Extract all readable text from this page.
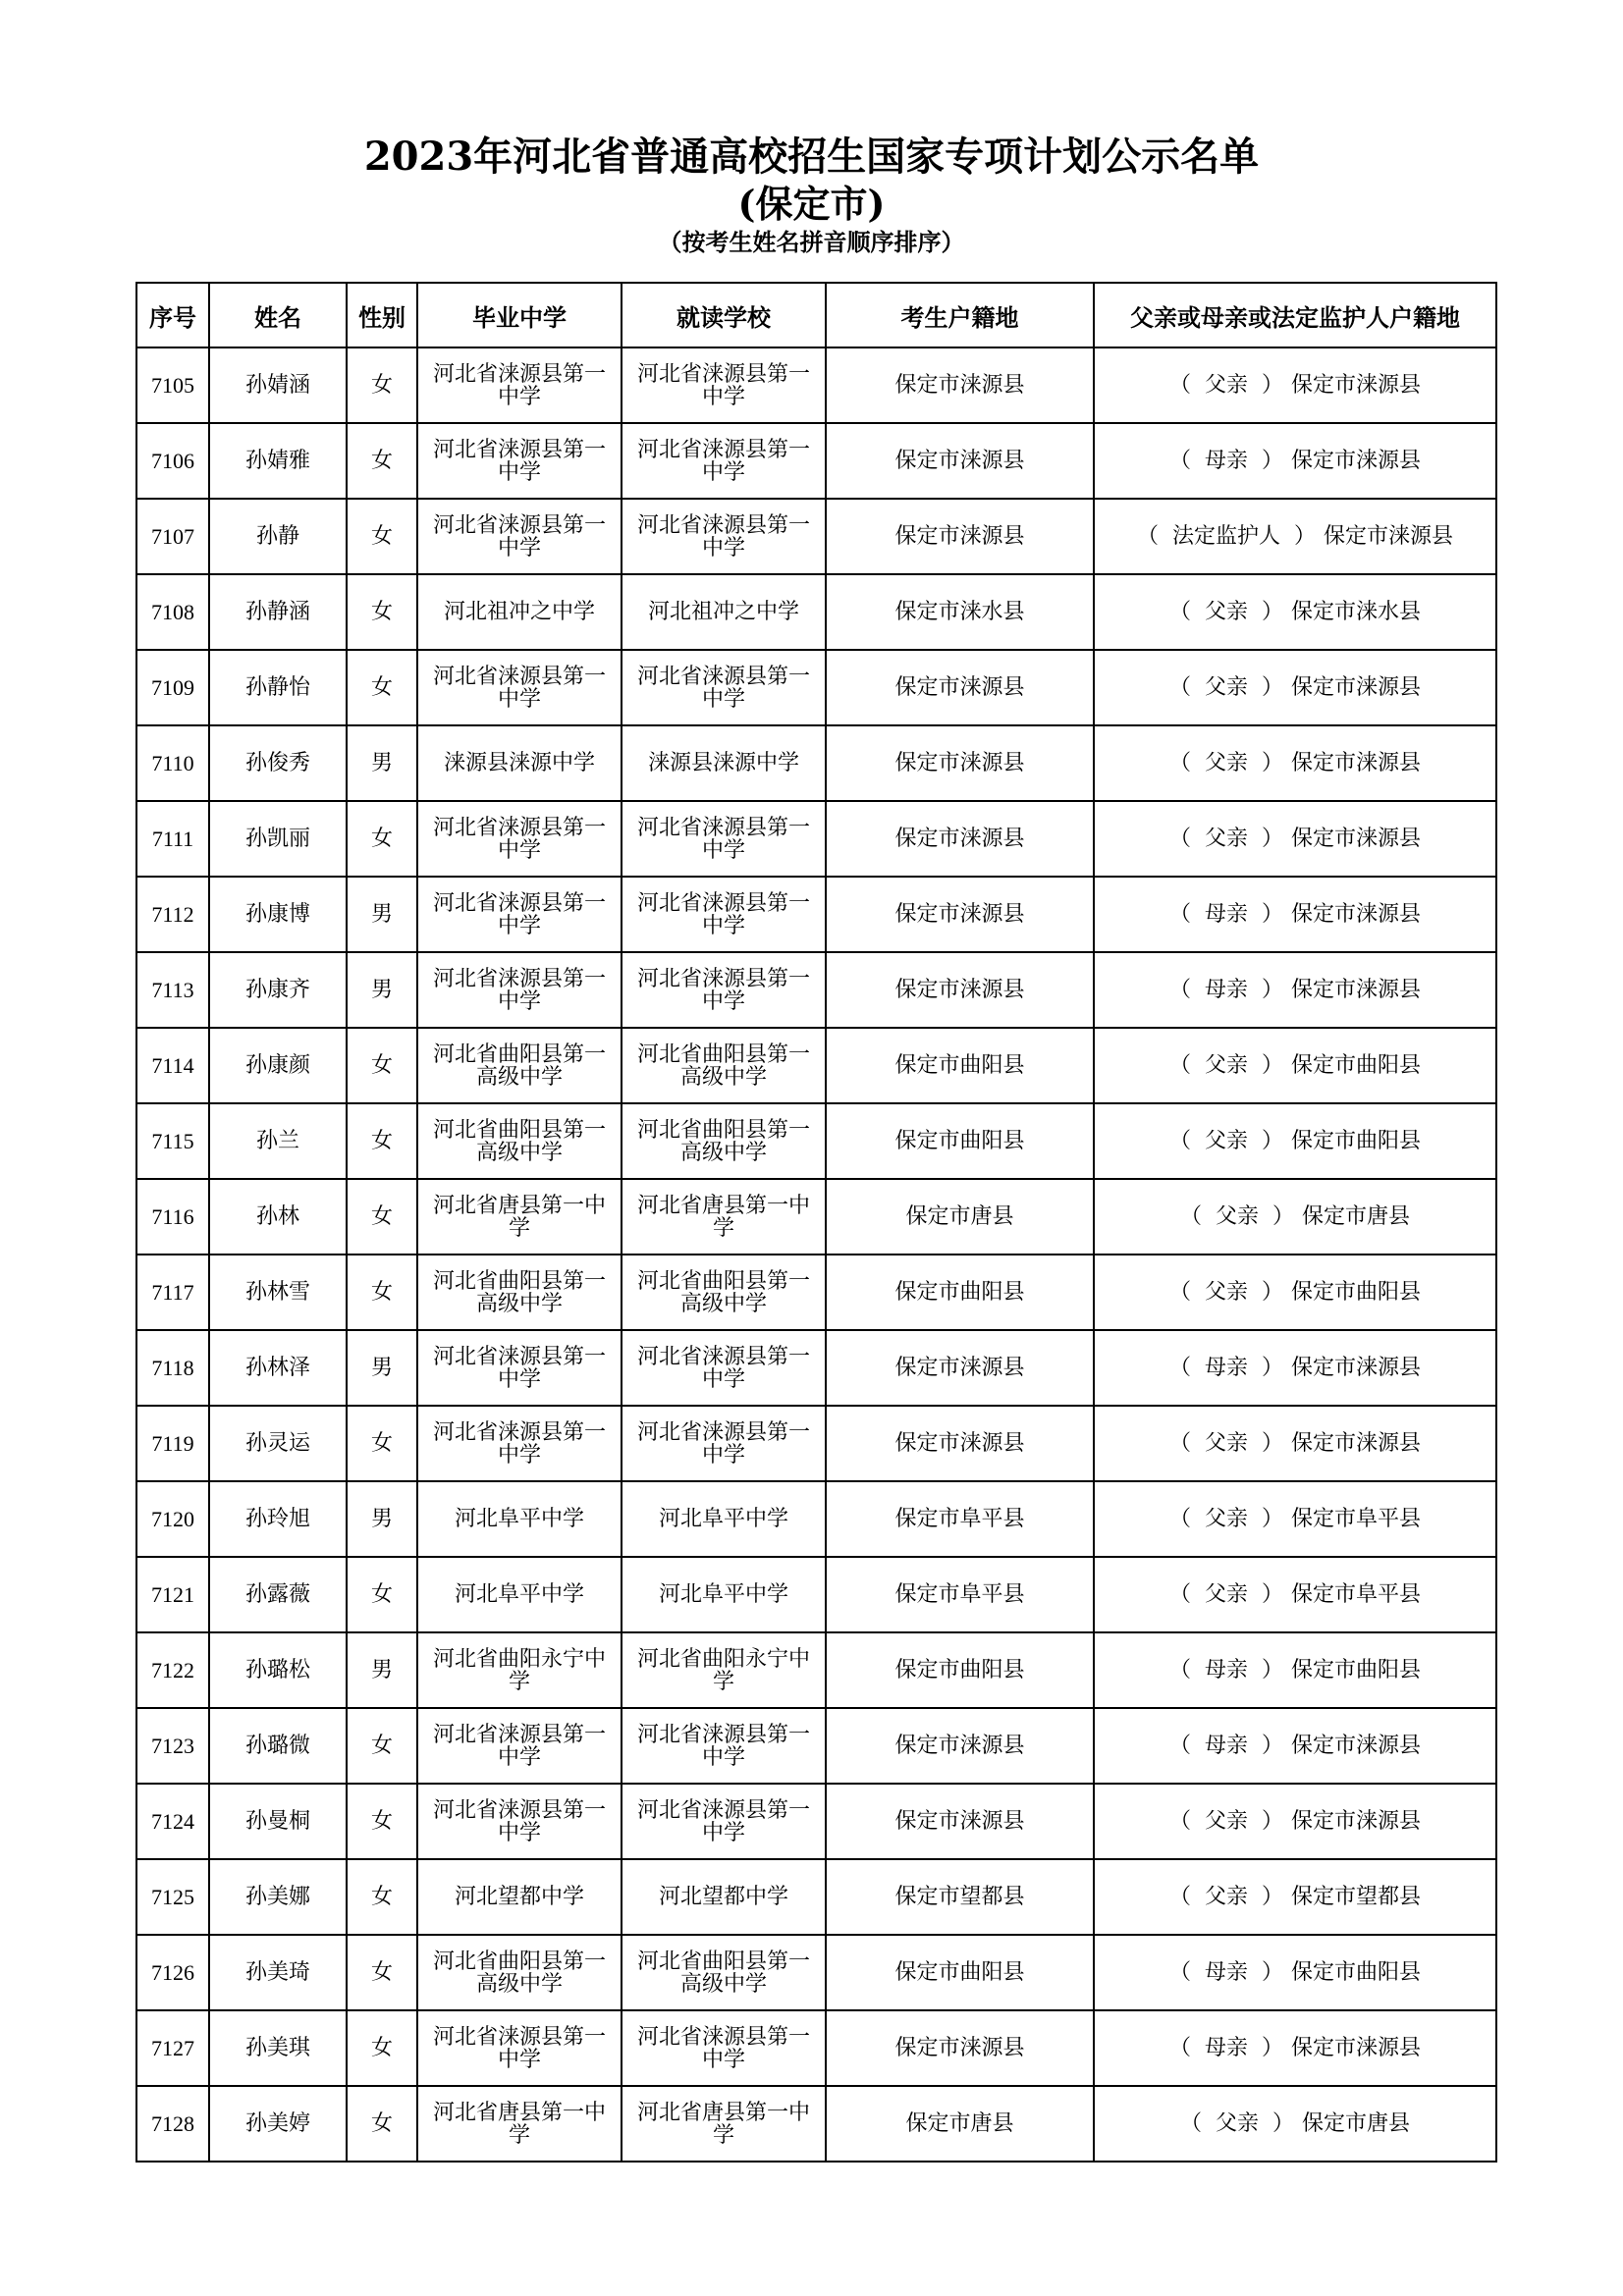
2023年河北省普通高校招生国家专项计划公示名单
(保定市)
（按考生姓名拼音顺序排序）
序号	姓名	性别	毕业中学	就读学校	考生户籍地	父亲或母亲或法定监护人户籍地
7105	孙婧涵	女	河北省涞源县第一中学	河北省涞源县第一中学	保定市涞源县	（ 父亲 ） 保定市涞源县
7106	孙婧雅	女	河北省涞源县第一中学	河北省涞源县第一中学	保定市涞源县	（ 母亲 ） 保定市涞源县
7107	孙静	女	河北省涞源县第一中学	河北省涞源县第一中学	保定市涞源县	（ 法定监护人 ） 保定市涞源县
7108	孙静涵	女	河北祖冲之中学	河北祖冲之中学	保定市涞水县	（ 父亲 ） 保定市涞水县
7109	孙静怡	女	河北省涞源县第一中学	河北省涞源县第一中学	保定市涞源县	（ 父亲 ） 保定市涞源县
7110	孙俊秀	男	涞源县涞源中学	涞源县涞源中学	保定市涞源县	（ 父亲 ） 保定市涞源县
7111	孙凯丽	女	河北省涞源县第一中学	河北省涞源县第一中学	保定市涞源县	（ 父亲 ） 保定市涞源县
7112	孙康博	男	河北省涞源县第一中学	河北省涞源县第一中学	保定市涞源县	（ 母亲 ） 保定市涞源县
7113	孙康齐	男	河北省涞源县第一中学	河北省涞源县第一中学	保定市涞源县	（ 母亲 ） 保定市涞源县
7114	孙康颜	女	河北省曲阳县第一高级中学	河北省曲阳县第一高级中学	保定市曲阳县	（ 父亲 ） 保定市曲阳县
7115	孙兰	女	河北省曲阳县第一高级中学	河北省曲阳县第一高级中学	保定市曲阳县	（ 父亲 ） 保定市曲阳县
7116	孙林	女	河北省唐县第一中学	河北省唐县第一中学	保定市唐县	（ 父亲 ） 保定市唐县
7117	孙林雪	女	河北省曲阳县第一高级中学	河北省曲阳县第一高级中学	保定市曲阳县	（ 父亲 ） 保定市曲阳县
7118	孙林泽	男	河北省涞源县第一中学	河北省涞源县第一中学	保定市涞源县	（ 母亲 ） 保定市涞源县
7119	孙灵运	女	河北省涞源县第一中学	河北省涞源县第一中学	保定市涞源县	（ 父亲 ） 保定市涞源县
7120	孙玲旭	男	河北阜平中学	河北阜平中学	保定市阜平县	（ 父亲 ） 保定市阜平县
7121	孙露薇	女	河北阜平中学	河北阜平中学	保定市阜平县	（ 父亲 ） 保定市阜平县
7122	孙璐松	男	河北省曲阳永宁中学	河北省曲阳永宁中学	保定市曲阳县	（ 母亲 ） 保定市曲阳县
7123	孙璐微	女	河北省涞源县第一中学	河北省涞源县第一中学	保定市涞源县	（ 母亲 ） 保定市涞源县
7124	孙曼桐	女	河北省涞源县第一中学	河北省涞源县第一中学	保定市涞源县	（ 父亲 ） 保定市涞源县
7125	孙美娜	女	河北望都中学	河北望都中学	保定市望都县	（ 父亲 ） 保定市望都县
7126	孙美琦	女	河北省曲阳县第一高级中学	河北省曲阳县第一高级中学	保定市曲阳县	（ 母亲 ） 保定市曲阳县
7127	孙美琪	女	河北省涞源县第一中学	河北省涞源县第一中学	保定市涞源县	（ 母亲 ） 保定市涞源县
7128	孙美婷	女	河北省唐县第一中学	河北省唐县第一中学	保定市唐县	（ 父亲 ） 保定市唐县
